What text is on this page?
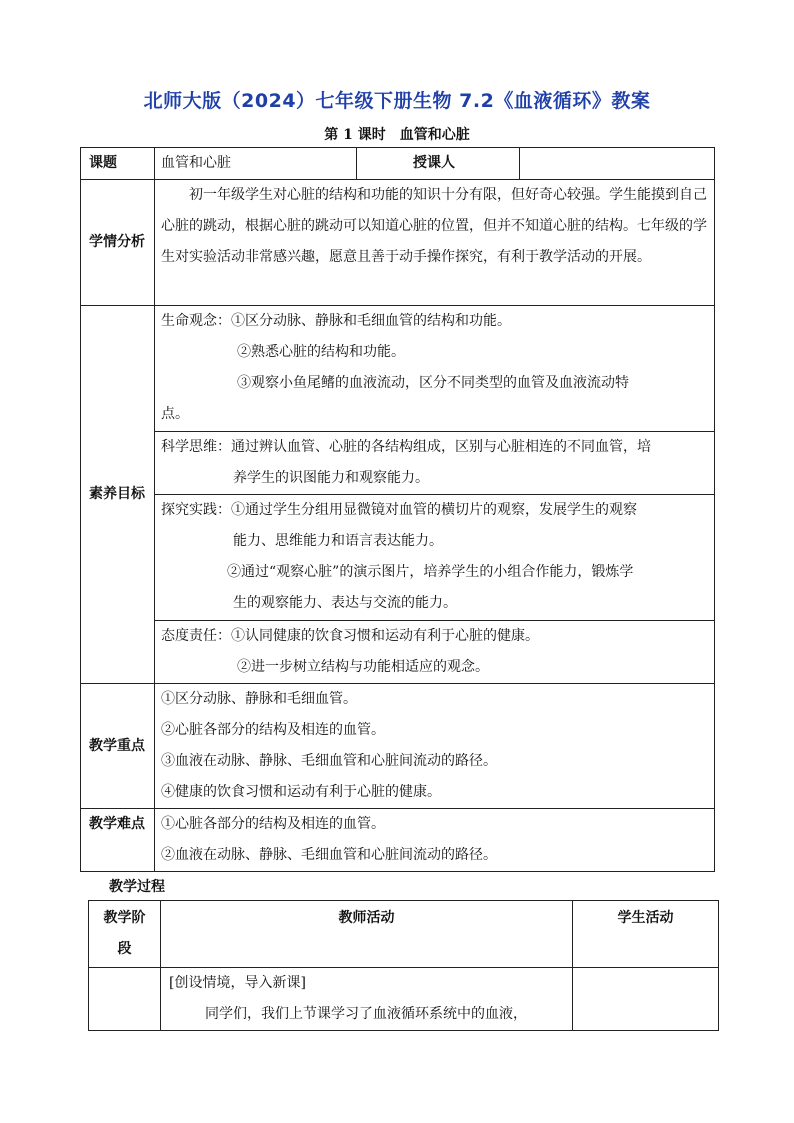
北师大版（2024）七年级下册生物 7.2《血液循环》教案
第 1 课时　血管和心脏
课题	血管和心脏	授课人	
学情分析	初一年级学生对心脏的结构和功能的知识十分有限，但好奇心较强。学生能摸到自己心脏的跳动，根据心脏的跳动可以知道心脏的位置，但并不知道心脏的结构。七年级的学生对实验活动非常感兴趣，愿意且善于动手操作探究，有利于教学活动的开展。		
素养目标	生命观念：①区分动脉、静脉和毛细血管的结构和功能。
②熟悉心脏的结构和功能。
③观察小鱼尾鳍的血液流动，区分不同类型的血管及血液流动特
点。		

	科学思维：通过辨认血管、心脏的各结构组成，区别与心脏相连的不同血管，培
养学生的识图能力和观察能力。		

	探究实践：①通过学生分组用显微镜对血管的横切片的观察，发展学生的观察
能力、思维能力和语言表达能力。
②通过“观察心脏”的演示图片，培养学生的小组合作能力，锻炼学
生的观察能力、表达与交流的能力。		

	态度责任：①认同健康的饮食习惯和运动有利于心脏的健康。
②进一步树立结构与功能相适应的观念。		

教学重点	①区分动脉、静脉和毛细血管。
②心脏各部分的结构及相连的血管。
③血液在动脉、静脉、毛细血管和心脏间流动的路径。
④健康的饮食习惯和运动有利于心脏的健康。		

教学难点	①心脏各部分的结构及相连的血管。
②血液在动脉、静脉、毛细血管和心脏间流动的路径。		
教学过程
教学阶段	教师活动	学生活动

	[创设情境，导入新课]
同学们，我们上节课学习了血液循环系统中的血液，	
